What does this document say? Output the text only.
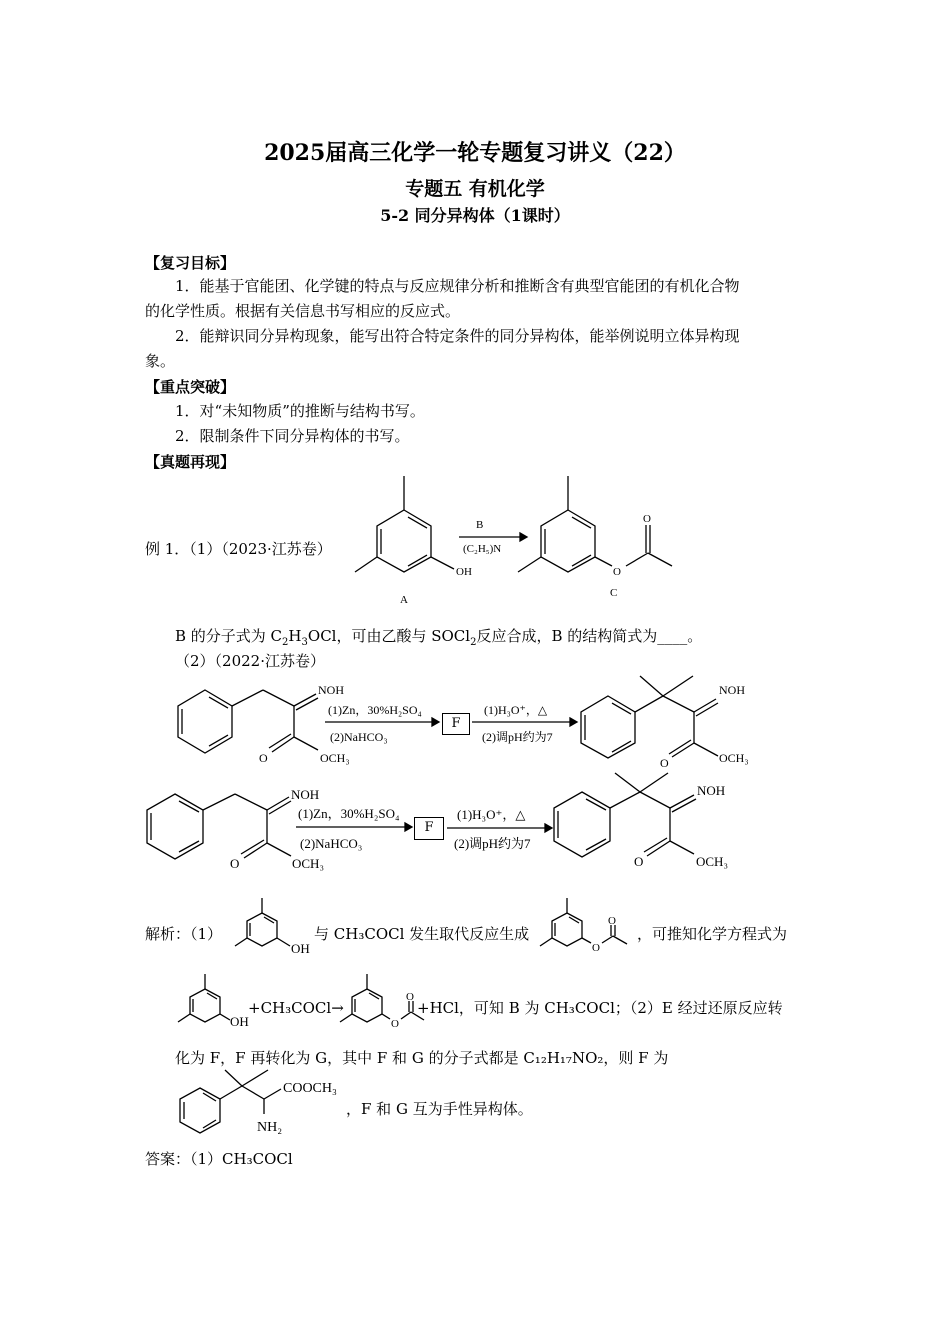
2025届高三化学一轮专题复习讲义（22）
专题五 有机化学
5-2 同分异构体（1课时）
【复习目标】
1．能基于官能团、化学键的特点与反应规律分析和推断含有典型官能团的有机化合物
的化学性质。根据有关信息书写相应的反应式。
2．能辩识同分异构现象，能写出符合特定条件的同分异构体，能举例说明立体异构现
象。
【重点突破】
1．对“未知物质”的推断与结构书写。
2．限制条件下同分异构体的书写。
【真题再现】
例 1．（1）（2023·江苏卷）
OH
A
B
(C₂H₅)N
O
O
C
B 的分子式为 $C_2H_3OCl$，可由乙酸与 SOCl$_2$反应合成，B 的结构简式为____。
（2）（2022·江苏卷）
NOH
O	OCH₃
(1)Zn，30%H₂SO₄
(2)NaHCO₃
(1)H₃O⁺，△
(2)调pH约为7
NOH
O	OCH₃
F
NOH
O	OCH₃
(1)Zn，30%H₂SO₄
(2)NaHCO₃
(1)H₃O⁺，△
(2)调pH约为7
NOH
O	OCH₃
F
解析：（1）
OH	O
O
OH	O
O
COOCH₃
NH₂
与 CH₃COCl 发生取代反应生成	，可推知化学方程式为
+CH₃COCl→	+HCl，可知 B 为 CH₃COCl；（2）E 经过还原反应转
化为 F，F 再转化为 G，其中 F 和 G 的分子式都是 C₁₂H₁₇NO₂，则 F 为
，F 和 G 互为手性异构体。
答案：（1）CH₃COCl
